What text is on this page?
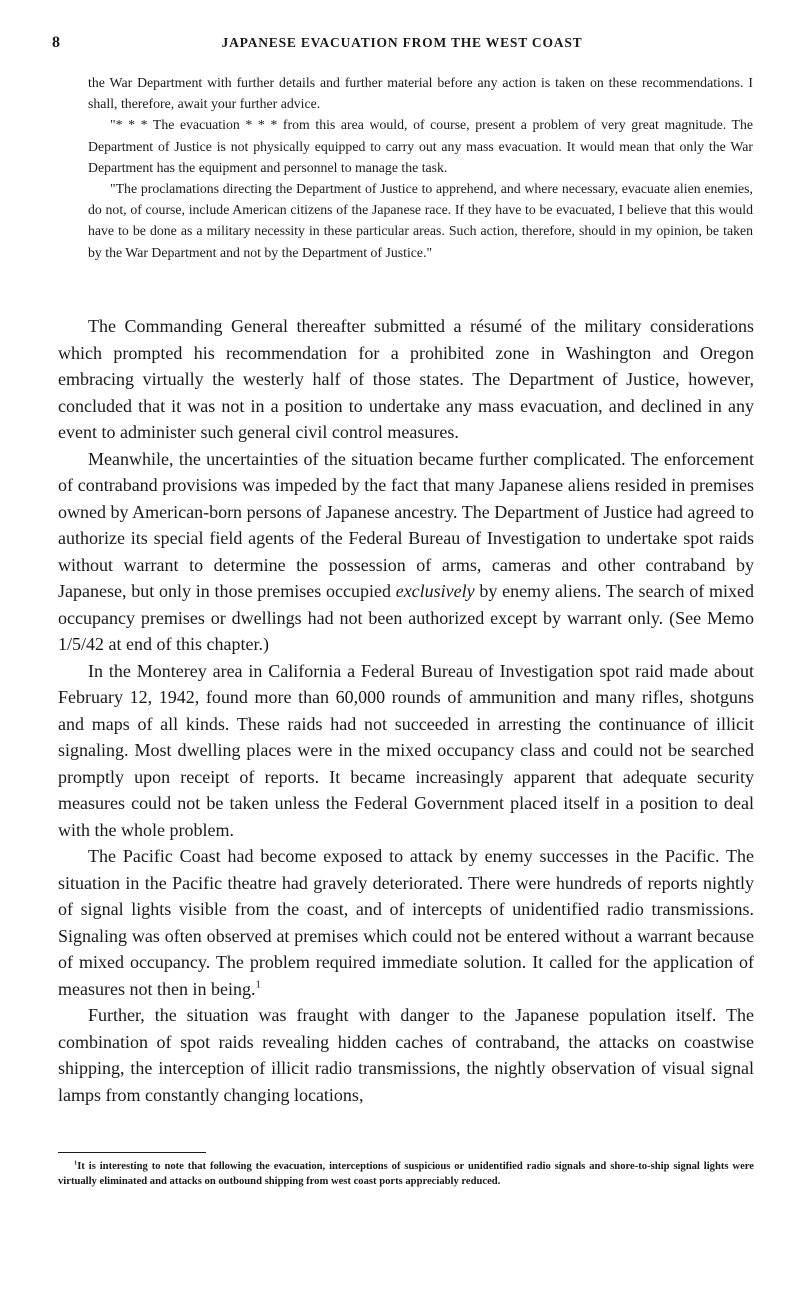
8	JAPANESE EVACUATION FROM THE WEST COAST

the War Department with further details and further material before any action is taken on these recommendations. I shall, therefore, await your further advice.

"* * * The evacuation * * * from this area would, of course, present a problem of very great magnitude. The Department of Justice is not physically equipped to carry out any mass evacuation. It would mean that only the War Department has the equipment and personnel to manage the task.

"The proclamations directing the Department of Justice to apprehend, and where necessary, evacuate alien enemies, do not, of course, include American citizens of the Japanese race. If they have to be evacuated, I believe that this would have to be done as a military necessity in these particular areas. Such action, therefore, should in my opinion, be taken by the War Department and not by the Department of Justice."

The Commanding General thereafter submitted a résumé of the military considerations which prompted his recommendation for a prohibited zone in Washington and Oregon embracing virtually the westerly half of those states. The Department of Justice, however, concluded that it was not in a position to undertake any mass evacuation, and declined in any event to administer such general civil control measures.

Meanwhile, the uncertainties of the situation became further complicated. The enforcement of contraband provisions was impeded by the fact that many Japanese aliens resided in premises owned by American-born persons of Japanese ancestry. The Department of Justice had agreed to authorize its special field agents of the Federal Bureau of Investigation to undertake spot raids without warrant to determine the possession of arms, cameras and other contraband by Japanese, but only in those premises occupied exclusively by enemy aliens. The search of mixed occupancy premises or dwellings had not been authorized except by warrant only. (See Memo 1/5/42 at end of this chapter.)

In the Monterey area in California a Federal Bureau of Investigation spot raid made about February 12, 1942, found more than 60,000 rounds of ammunition and many rifles, shotguns and maps of all kinds. These raids had not succeeded in arresting the continuance of illicit signaling. Most dwelling places were in the mixed occupancy class and could not be searched promptly upon receipt of reports. It became increasingly apparent that adequate security measures could not be taken unless the Federal Government placed itself in a position to deal with the whole problem.

The Pacific Coast had become exposed to attack by enemy successes in the Pacific. The situation in the Pacific theatre had gravely deteriorated. There were hundreds of reports nightly of signal lights visible from the coast, and of intercepts of unidentified radio transmissions. Signaling was often observed at premises which could not be entered without a warrant because of mixed occupancy. The problem required immediate solution. It called for the application of measures not then in being.$^1$

Further, the situation was fraught with danger to the Japanese population itself. The combination of spot raids revealing hidden caches of contraband, the attacks on coastwise shipping, the interception of illicit radio transmissions, the nightly observation of visual signal lamps from constantly changing locations,

$^1$It is interesting to note that following the evacuation, interceptions of suspicious or unidentified radio signals and shore-to-ship signal lights were virtually eliminated and attacks on outbound shipping from west coast ports appreciably reduced.
